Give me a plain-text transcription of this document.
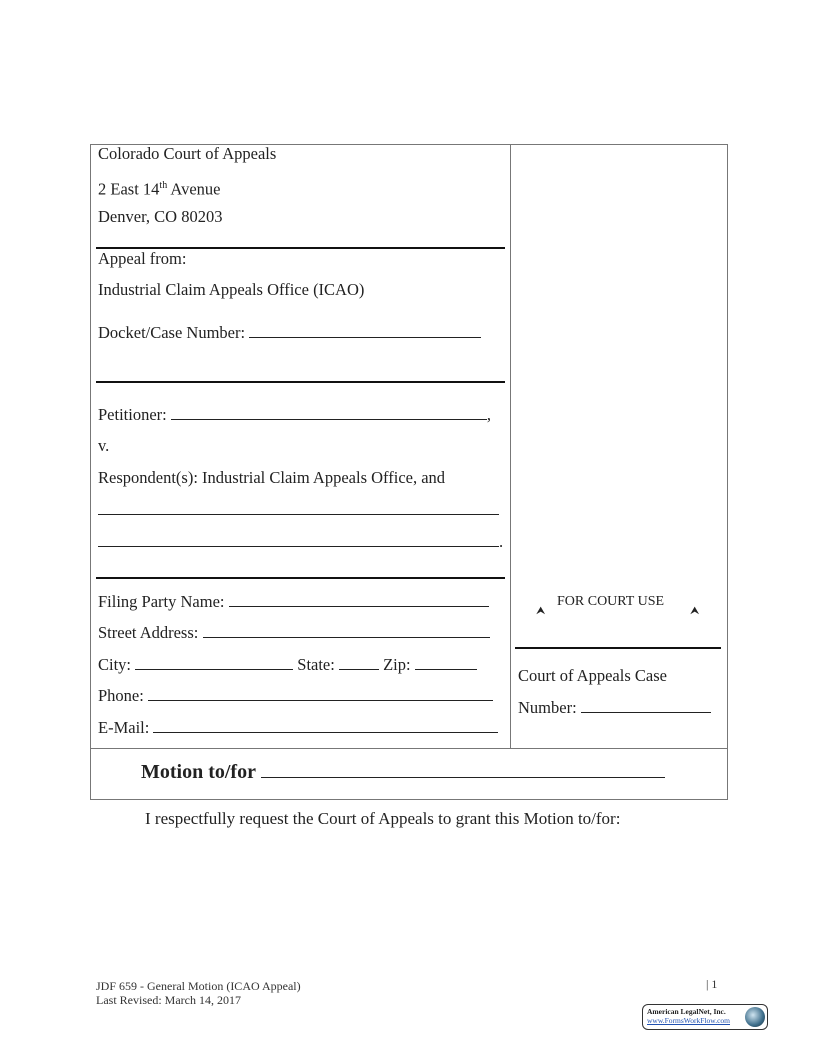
Colorado Court of Appeals
2 East 14th Avenue
Denver, CO 80203
Appeal from:
Industrial Claim Appeals Office (ICAO)
Docket/Case Number:
Petitioner:	,
v.
Respondent(s): Industrial Claim Appeals Office, and
.
Filing Party Name:
Street Address:
City:	State:	Zip:
Phone:
E-Mail:
⮝
FOR COURT USE
⮝
Court of Appeals Case
Number:
Motion to/for
I respectfully request the Court of Appeals to grant this Motion to/for:
JDF 659 - General Motion (ICAO Appeal)
Last Revised: March 14, 2017
| 1
American LegalNet, Inc.
www.FormsWorkFlow.com
